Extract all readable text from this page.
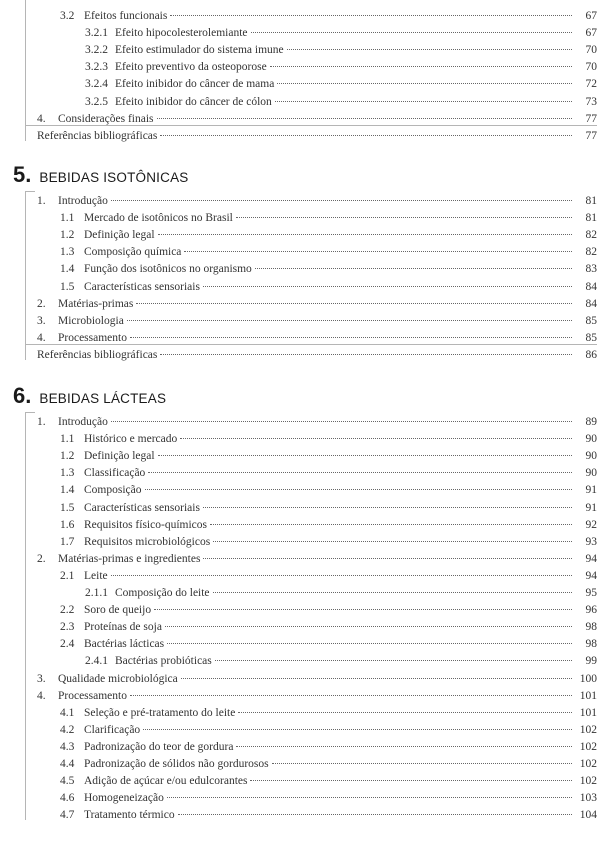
3.2 Efeitos funcionais	67
3.2.1 Efeito hipocolesterolemiante	67
3.2.2 Efeito estimulador do sistema imune	70
3.2.3 Efeito preventivo da osteoporose	70
3.2.4 Efeito inibidor do câncer de mama	72
3.2.5 Efeito inibidor do câncer de cólon	73
4.	Considerações finais	77
Referências bibliográficas	77
5. BEBIDAS ISOTÔNICAS
1.	Introdução	81
1.1 Mercado de isotônicos no Brasil	81
1.2 Definição legal	82
1.3 Composição química	82
1.4 Função dos isotônicos no organismo	83
1.5 Características sensoriais	84
2.	Matérias-primas	84
3.	Microbiologia	85
4.	Processamento	85
Referências bibliográficas	86
6. BEBIDAS LÁCTEAS
1.	Introdução	89
1.1 Histórico e mercado	90
1.2 Definição legal	90
1.3 Classificação	90
1.4 Composição	91
1.5 Características sensoriais	91
1.6 Requisitos físico-químicos	92
1.7 Requisitos microbiológicos	93
2.	Matérias-primas e ingredientes	94
2.1 Leite	94
2.1.1 Composição do leite	95
2.2 Soro de queijo	96
2.3 Proteínas de soja	98
2.4 Bactérias lácticas	98
2.4.1 Bactérias probióticas	99
3.	Qualidade microbiológica	100
4.	Processamento	101
4.1 Seleção e pré-tratamento do leite	101
4.2 Clarificação	102
4.3 Padronização do teor de gordura	102
4.4 Padronização de sólidos não gordurosos	102
4.5 Adição de açúcar e/ou edulcorantes	102
4.6 Homogeneização	103
4.7 Tratamento térmico	104
